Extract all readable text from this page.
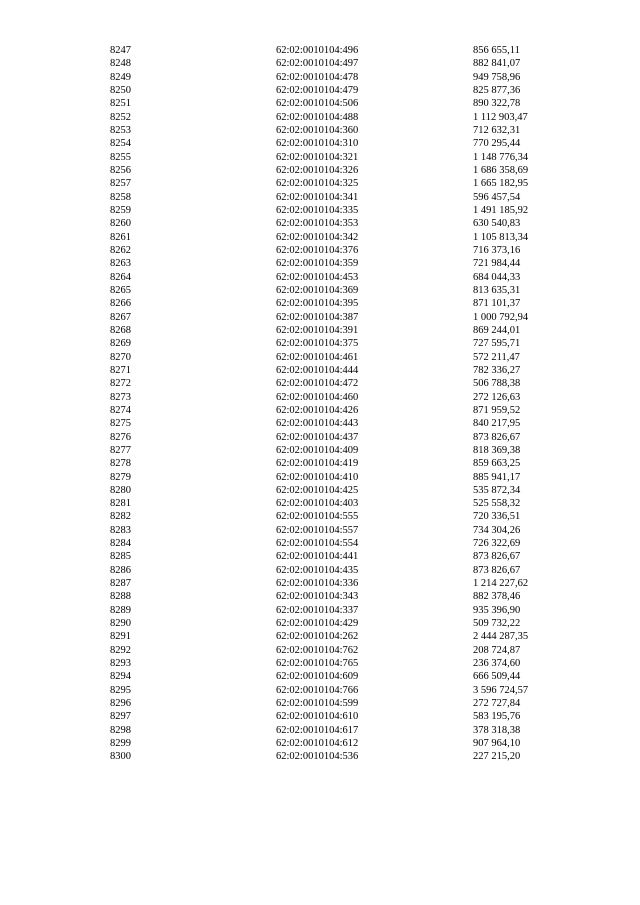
8247	62:02:0010104:496	856 655,11
8248	62:02:0010104:497	882 841,07
8249	62:02:0010104:478	949 758,96
8250	62:02:0010104:479	825 877,36
8251	62:02:0010104:506	890 322,78
8252	62:02:0010104:488	1 112 903,47
8253	62:02:0010104:360	712 632,31
8254	62:02:0010104:310	770 295,44
8255	62:02:0010104:321	1 148 776,34
8256	62:02:0010104:326	1 686 358,69
8257	62:02:0010104:325	1 665 182,95
8258	62:02:0010104:341	596 457,54
8259	62:02:0010104:335	1 491 185,92
8260	62:02:0010104:353	630 540,83
8261	62:02:0010104:342	1 105 813,34
8262	62:02:0010104:376	716 373,16
8263	62:02:0010104:359	721 984,44
8264	62:02:0010104:453	684 044,33
8265	62:02:0010104:369	813 635,31
8266	62:02:0010104:395	871 101,37
8267	62:02:0010104:387	1 000 792,94
8268	62:02:0010104:391	869 244,01
8269	62:02:0010104:375	727 595,71
8270	62:02:0010104:461	572 211,47
8271	62:02:0010104:444	782 336,27
8272	62:02:0010104:472	506 788,38
8273	62:02:0010104:460	272 126,63
8274	62:02:0010104:426	871 959,52
8275	62:02:0010104:443	840 217,95
8276	62:02:0010104:437	873 826,67
8277	62:02:0010104:409	818 369,38
8278	62:02:0010104:419	859 663,25
8279	62:02:0010104:410	885 941,17
8280	62:02:0010104:425	535 872,34
8281	62:02:0010104:403	525 558,32
8282	62:02:0010104:555	720 336,51
8283	62:02:0010104:557	734 304,26
8284	62:02:0010104:554	726 322,69
8285	62:02:0010104:441	873 826,67
8286	62:02:0010104:435	873 826,67
8287	62:02:0010104:336	1 214 227,62
8288	62:02:0010104:343	882 378,46
8289	62:02:0010104:337	935 396,90
8290	62:02:0010104:429	509 732,22
8291	62:02:0010104:262	2 444 287,35
8292	62:02:0010104:762	208 724,87
8293	62:02:0010104:765	236 374,60
8294	62:02:0010104:609	666 509,44
8295	62:02:0010104:766	3 596 724,57
8296	62:02:0010104:599	272 727,84
8297	62:02:0010104:610	583 195,76
8298	62:02:0010104:617	378 318,38
8299	62:02:0010104:612	907 964,10
8300	62:02:0010104:536	227 215,20
